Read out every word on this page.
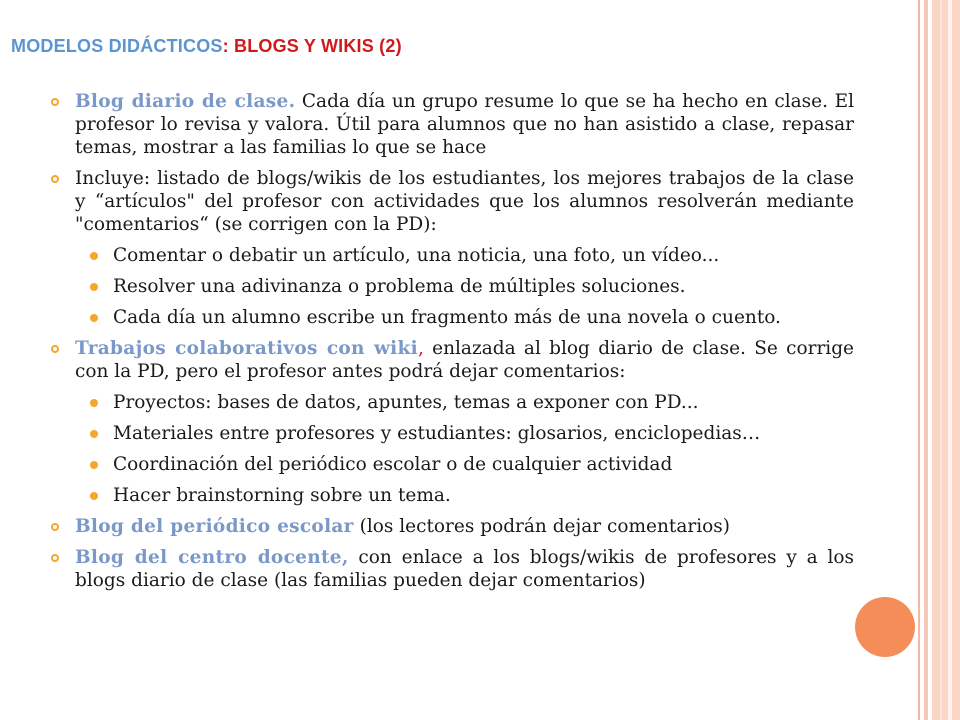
MODELOS DIDÁCTICOS: BLOGS Y WIKIS (2)
Blog diario de clase. Cada día un grupo resume lo que se ha hecho en clase. El profesor lo revisa y valora. Útil para alumnos que no han asistido a clase, repasar temas, mostrar a las familias lo que se hace
Incluye: listado de blogs/wikis de los estudiantes, los mejores trabajos de la clase y “artículos" del profesor con actividades que los alumnos resolverán mediante "comentarios“ (se corrigen con la PD):
Comentar o debatir un artículo, una noticia, una foto, un vídeo...
Resolver una adivinanza o problema de múltiples soluciones.
Cada día un alumno escribe un fragmento más de una novela o cuento.
Trabajos colaborativos con wiki, enlazada al blog diario de clase. Se corrige con la PD, pero el profesor antes podrá dejar comentarios:
Proyectos: bases de datos, apuntes, temas a exponer con PD...
Materiales entre profesores y estudiantes: glosarios, enciclopedias…
Coordinación del periódico escolar o de cualquier actividad
Hacer brainstorning sobre un tema.
Blog del periódico escolar (los lectores podrán dejar comentarios)
Blog del centro docente, con enlace a los blogs/wikis de profesores y a los blogs diario de clase (las familias pueden dejar comentarios)
